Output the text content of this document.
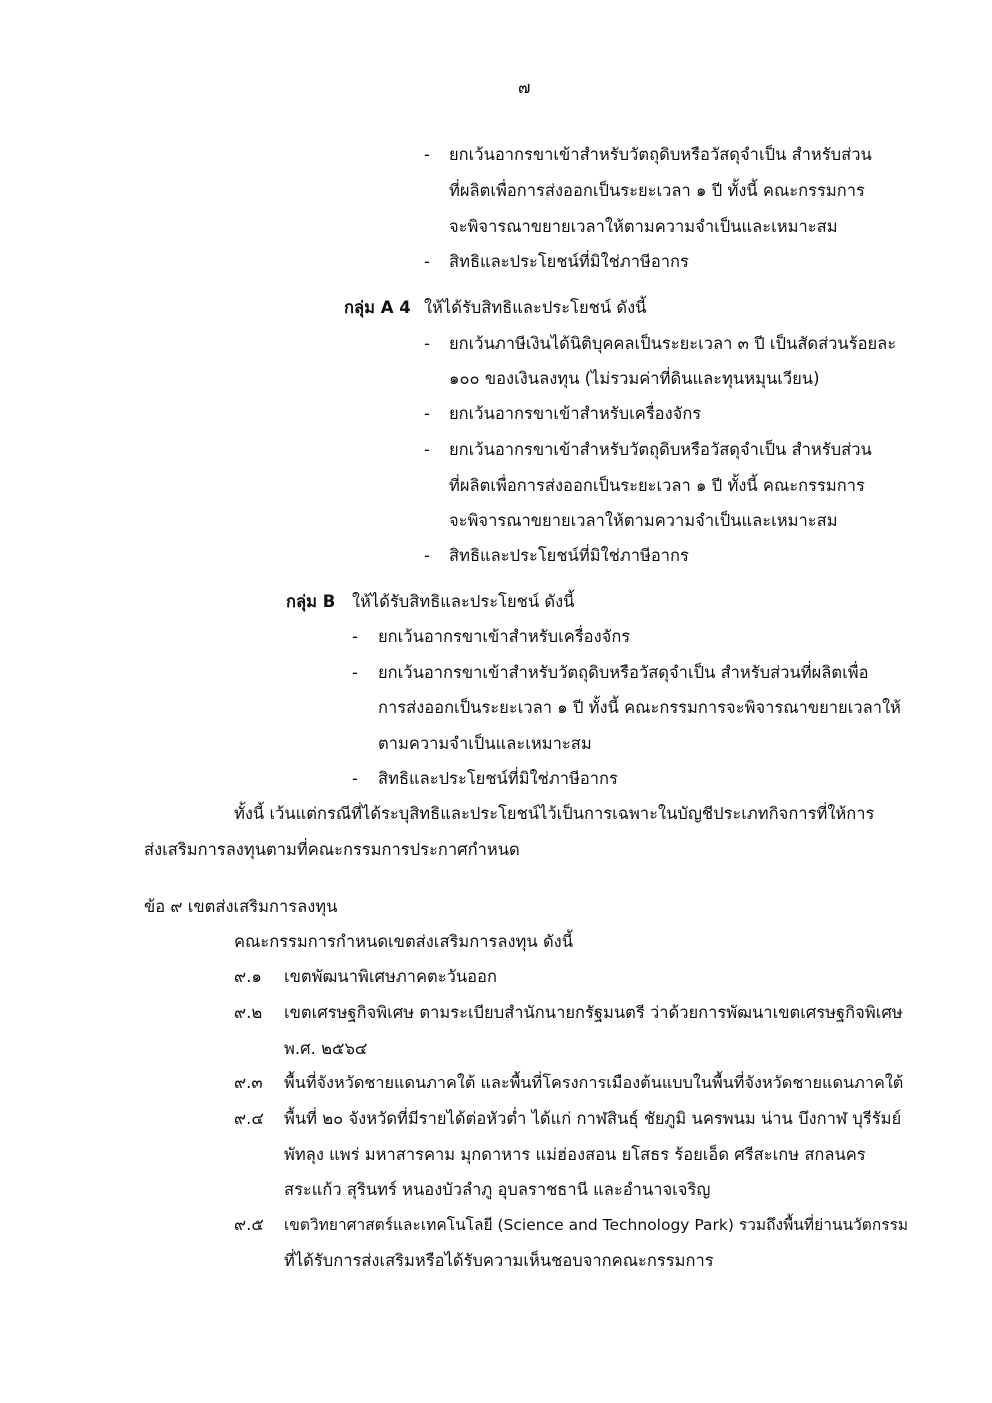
๗
- ยกเว้นอากรขาเข้าสำหรับวัตถุดิบหรือวัสดุจำเป็น สำหรับส่วน
ที่ผลิตเพื่อการส่งออกเป็นระยะเวลา ๑ ปี ทั้งนี้ คณะกรรมการ
จะพิจารณาขยายเวลาให้ตามความจำเป็นและเหมาะสม
- สิทธิและประโยชน์ที่มิใช่ภาษีอากร
กลุ่ม A 4 ให้ได้รับสิทธิและประโยชน์ ดังนี้
- ยกเว้นภาษีเงินได้นิติบุคคลเป็นระยะเวลา ๓ ปี เป็นสัดส่วนร้อยละ
๑๐๐ ของเงินลงทุน (ไม่รวมค่าที่ดินและทุนหมุนเวียน)
- ยกเว้นอากรขาเข้าสำหรับเครื่องจักร
- ยกเว้นอากรขาเข้าสำหรับวัตถุดิบหรือวัสดุจำเป็น สำหรับส่วน
ที่ผลิตเพื่อการส่งออกเป็นระยะเวลา ๑ ปี ทั้งนี้ คณะกรรมการ
จะพิจารณาขยายเวลาให้ตามความจำเป็นและเหมาะสม
- สิทธิและประโยชน์ที่มิใช่ภาษีอากร
กลุ่ม B ให้ได้รับสิทธิและประโยชน์ ดังนี้
- ยกเว้นอากรขาเข้าสำหรับเครื่องจักร
- ยกเว้นอากรขาเข้าสำหรับวัตถุดิบหรือวัสดุจำเป็น สำหรับส่วนที่ผลิตเพื่อ
การส่งออกเป็นระยะเวลา ๑ ปี ทั้งนี้ คณะกรรมการจะพิจารณาขยายเวลาให้
ตามความจำเป็นและเหมาะสม
- สิทธิและประโยชน์ที่มิใช่ภาษีอากร
ทั้งนี้ เว้นแต่กรณีที่ได้ระบุสิทธิและประโยชน์ไว้เป็นการเฉพาะในบัญชีประเภทกิจการที่ให้การ
ส่งเสริมการลงทุนตามที่คณะกรรมการประกาศกำหนด
ข้อ ๙ เขตส่งเสริมการลงทุน
คณะกรรมการกำหนดเขตส่งเสริมการลงทุน ดังนี้
๙.๑ เขตพัฒนาพิเศษภาคตะวันออก
๙.๒ เขตเศรษฐกิจพิเศษ ตามระเบียบสำนักนายกรัฐมนตรี ว่าด้วยการพัฒนาเขตเศรษฐกิจพิเศษ
พ.ศ. ๒๕๖๔
๙.๓ พื้นที่จังหวัดชายแดนภาคใต้ และพื้นที่โครงการเมืองต้นแบบในพื้นที่จังหวัดชายแดนภาคใต้
๙.๔ พื้นที่ ๒๐ จังหวัดที่มีรายได้ต่อหัวต่ำ ได้แก่ กาฬสินธุ์ ชัยภูมิ นครพนม น่าน บึงกาฬ บุรีรัมย์
พัทลุง แพร่ มหาสารคาม มุกดาหาร แม่ฮ่องสอน ยโสธร ร้อยเอ็ด ศรีสะเกษ สกลนคร
สระแก้ว สุรินทร์ หนองบัวลำภู อุบลราชธานี และอำนาจเจริญ
๙.๕ เขตวิทยาศาสตร์และเทคโนโลยี (Science and Technology Park) รวมถึงพื้นที่ย่านนวัตกรรม
ที่ได้รับการส่งเสริมหรือได้รับความเห็นชอบจากคณะกรรมการ
